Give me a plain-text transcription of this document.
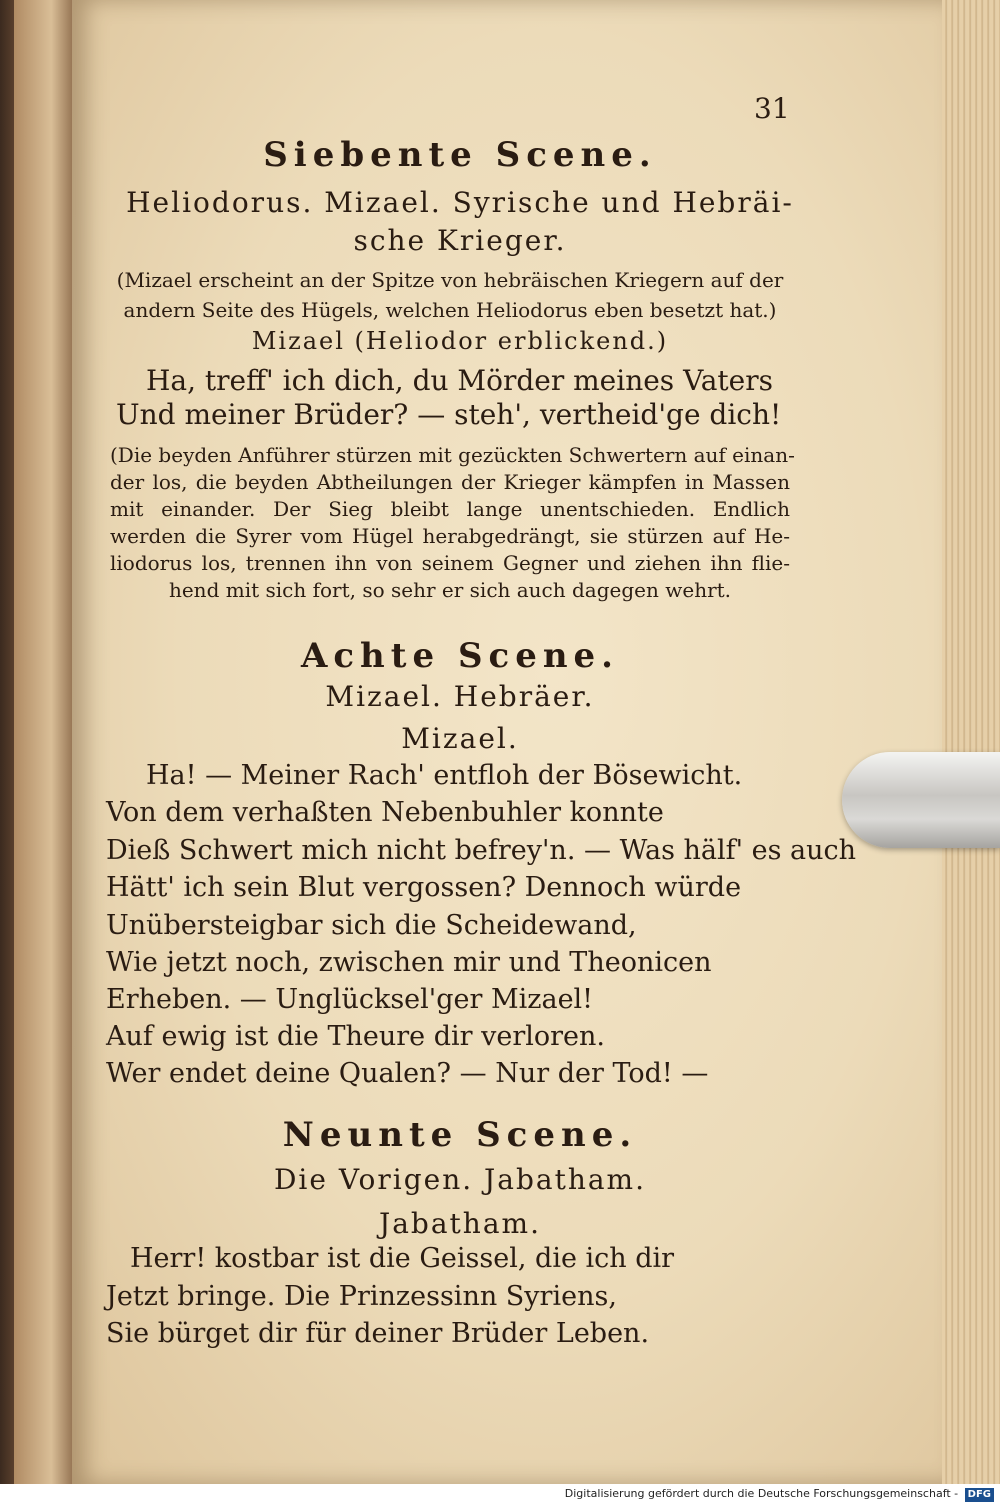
31
Siebente Scene.
Heliodorus. Mizael. Syrische und Hebräi-
sche Krieger.
(Mizael erscheint an der Spitze von hebräischen Kriegern auf der
andern Seite des Hügels, welchen Heliodorus eben besetzt hat.)
Mizael (Heliodor erblickend.)
Ha, treff' ich dich, du Mörder meines Vaters
Und meiner Brüder? — steh', vertheid'ge dich!
(Die beyden Anführer stürzen mit gezückten Schwertern auf einan-
der los, die beyden Abtheilungen der Krieger kämpfen in Massen
mit einander. Der Sieg bleibt lange unentschieden. Endlich
werden die Syrer vom Hügel herabgedrängt, sie stürzen auf He-
liodorus los, trennen ihn von seinem Gegner und ziehen ihn flie-
hend mit sich fort, so sehr er sich auch dagegen wehrt.
Achte Scene.
Mizael. Hebräer.
Mizael.
Ha! — Meiner Rach' entfloh der Bösewicht.
Von dem verhaßten Nebenbuhler konnte
Dieß Schwert mich nicht befrey'n. — Was hälf' es auch
Hätt' ich sein Blut vergossen? Dennoch würde
Unübersteigbar sich die Scheidewand,
Wie jetzt noch, zwischen mir und Theonicen
Erheben. — Unglücksel'ger Mizael!
Auf ewig ist die Theure dir verloren.
Wer endet deine Qualen? — Nur der Tod! —
Neunte Scene.
Die Vorigen. Jabatham.
Jabatham.
Herr! kostbar ist die Geissel, die ich dir
Jetzt bringe. Die Prinzessinn Syriens,
Sie bürget dir für deiner Brüder Leben.
Digitalisierung gefördert durch die Deutsche Forschungsgemeinschaft - DFG
